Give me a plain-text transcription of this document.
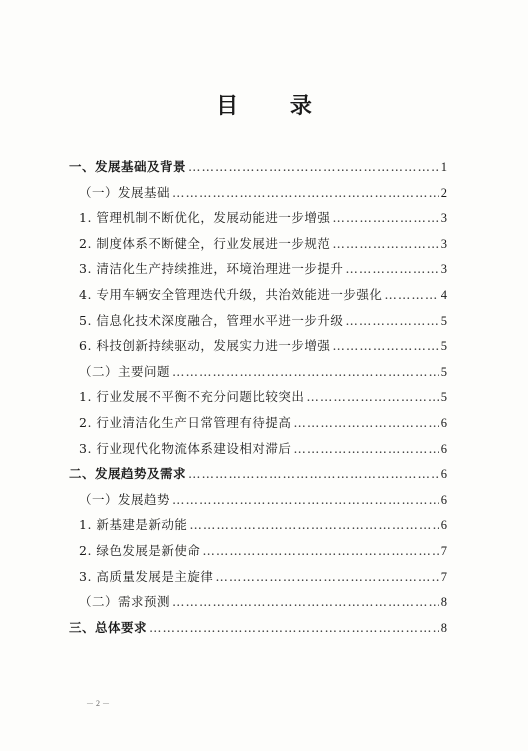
目 录
一、发展基础及背景 ……………………………………………………………………………………………………………………………………………………………………	1
（一）发展基础 ……………………………………………………………………………………………………………………………………………………………………	2
1. 管理机制不断优化，发展动能进一步增强 ……………………………………………………………………………………………………………………………………………………………………	3
2. 制度体系不断健全，行业发展进一步规范 ……………………………………………………………………………………………………………………………………………………………………	3
3. 清洁化生产持续推进，环境治理进一步提升 ……………………………………………………………………………………………………………………………………………………………………	3
4. 专用车辆安全管理迭代升级，共治效能进一步强化 ……………………………………………………………………………………………………………………………………………………………………	4
5. 信息化技术深度融合，管理水平进一步升级 ……………………………………………………………………………………………………………………………………………………………………	5
6. 科技创新持续驱动，发展实力进一步增强 ……………………………………………………………………………………………………………………………………………………………………	5
（二）主要问题 ……………………………………………………………………………………………………………………………………………………………………	5
1. 行业发展不平衡不充分问题比较突出 ……………………………………………………………………………………………………………………………………………………………………	5
2. 行业清洁化生产日常管理有待提高 ……………………………………………………………………………………………………………………………………………………………………	6
3. 行业现代化物流体系建设相对滞后 ……………………………………………………………………………………………………………………………………………………………………	6
二、发展趋势及需求 ……………………………………………………………………………………………………………………………………………………………………	6
（一）发展趋势 ……………………………………………………………………………………………………………………………………………………………………	6
1. 新基建是新动能 ……………………………………………………………………………………………………………………………………………………………………	6
2. 绿色发展是新使命 ……………………………………………………………………………………………………………………………………………………………………	7
3. 高质量发展是主旋律 ……………………………………………………………………………………………………………………………………………………………………	7
（二）需求预测 ……………………………………………………………………………………………………………………………………………………………………	8
三、总体要求 ……………………………………………………………………………………………………………………………………………………………………	8
－ 2 －
